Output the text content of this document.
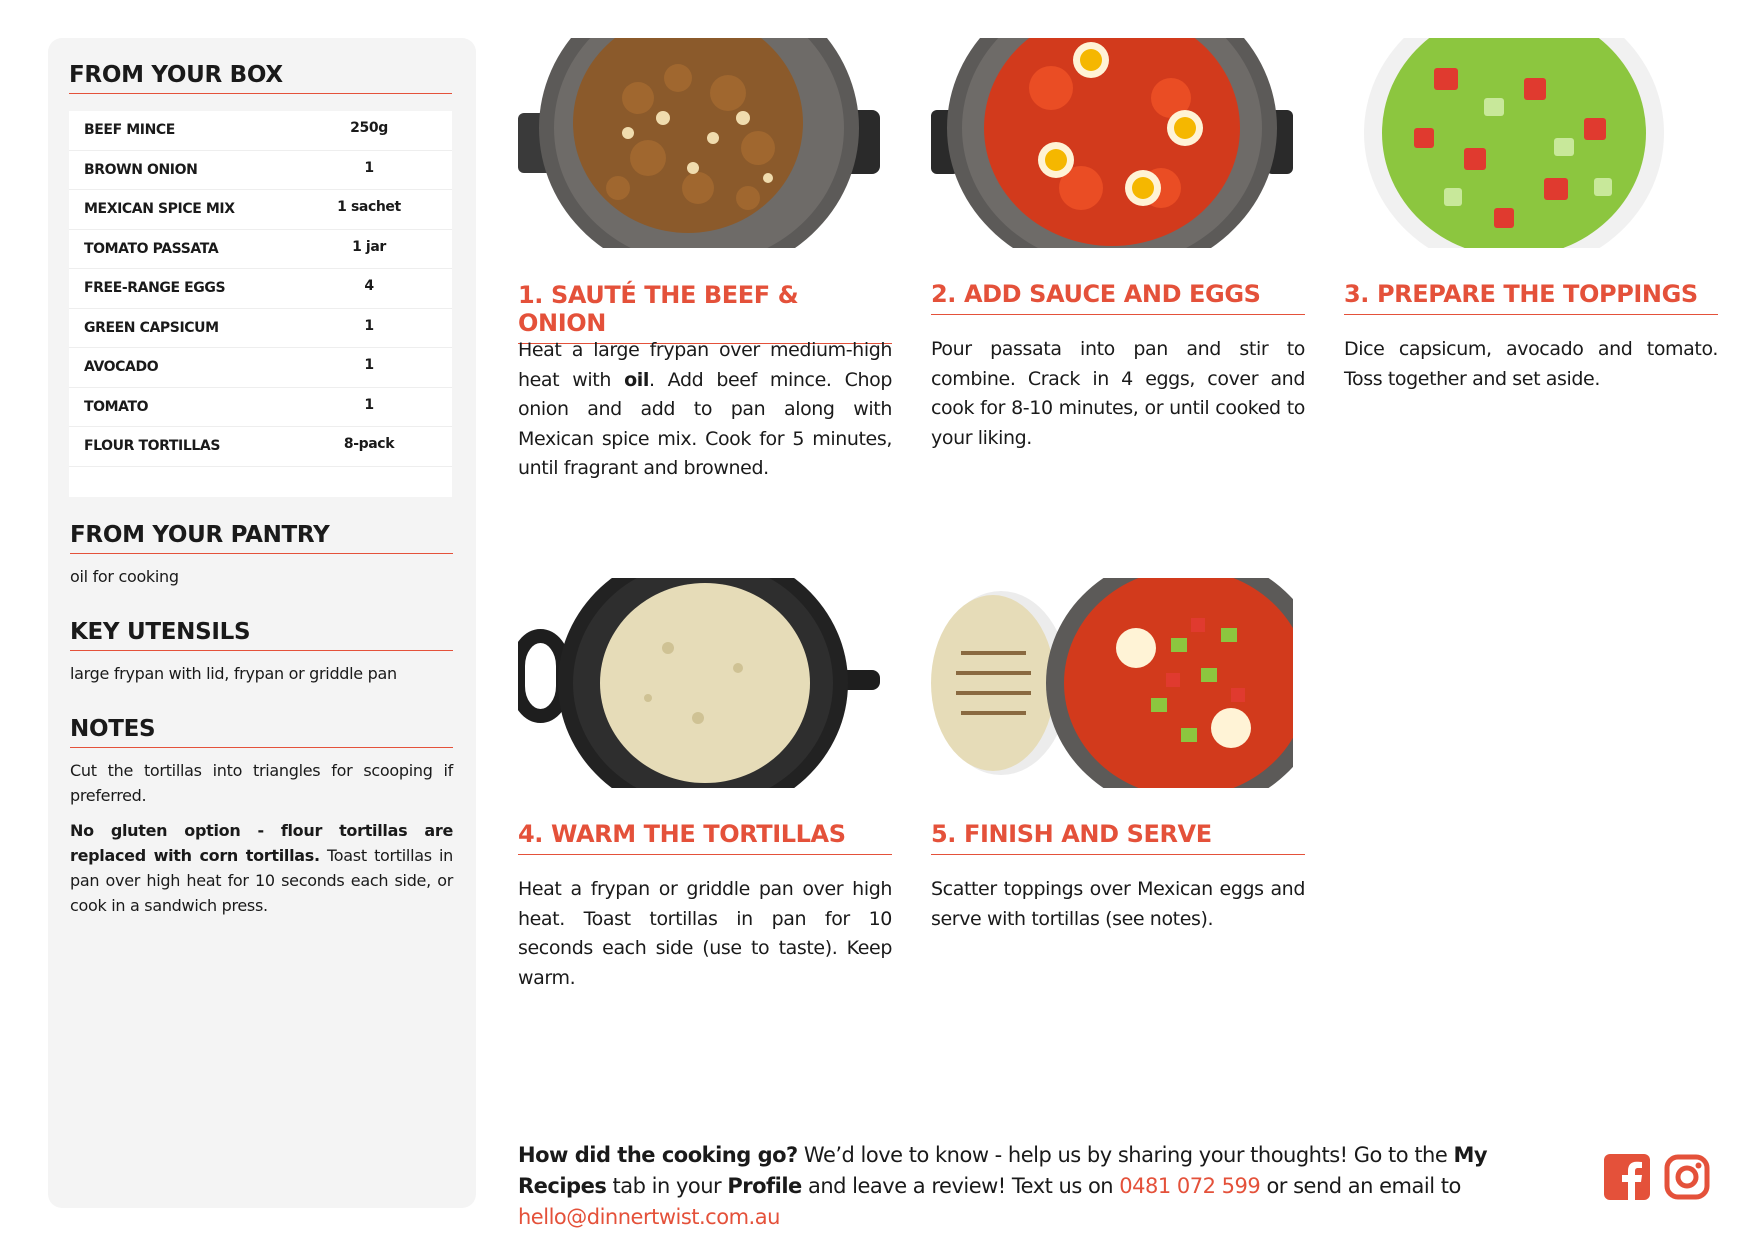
FROM YOUR BOX
BEEF MINCE	250g
BROWN ONION	1
MEXICAN SPICE MIX	1 sachet
TOMATO PASSATA	1 jar
FREE-RANGE EGGS	4
GREEN CAPSICUM	1
AVOCADO	1
TOMATO	1
FLOUR TORTILLAS	8-pack
FROM YOUR PANTRY
oil for cooking
KEY UTENSILS
large frypan with lid, frypan or griddle pan
NOTES

Cut the tortillas into triangles for scooping if preferred.

No gluten option - flour tortillas are replaced with corn tortillas. Toast tortillas in pan over high heat for 10 seconds each side, or cook in a sandwich press.

1. SAUTÉ THE BEEF & ONION

Heat a large frypan over medium-high heat with oil. Add beef mince. Chop onion and add to pan along with Mexican spice mix. Cook for 5 minutes, until fragrant and browned.

2. ADD SAUCE AND EGGS

Pour passata into pan and stir to combine. Crack in 4 eggs, cover and cook for 8-10 minutes, or until cooked to your liking.

3. PREPARE THE TOPPINGS

Dice capsicum, avocado and tomato. Toss together and set aside.

4. WARM THE TORTILLAS

Heat a frypan or griddle pan over high heat. Toast tortillas in pan for 10 seconds each side (use to taste). Keep warm.

5. FINISH AND SERVE

Scatter toppings over Mexican eggs and serve with tortillas (see notes).

How did the cooking go? We’d love to know - help us by sharing your thoughts! Go to the My Recipes tab in your Profile and leave a review! Text us on 0481 072 599 or send an email to hello@dinnertwist.com.au
